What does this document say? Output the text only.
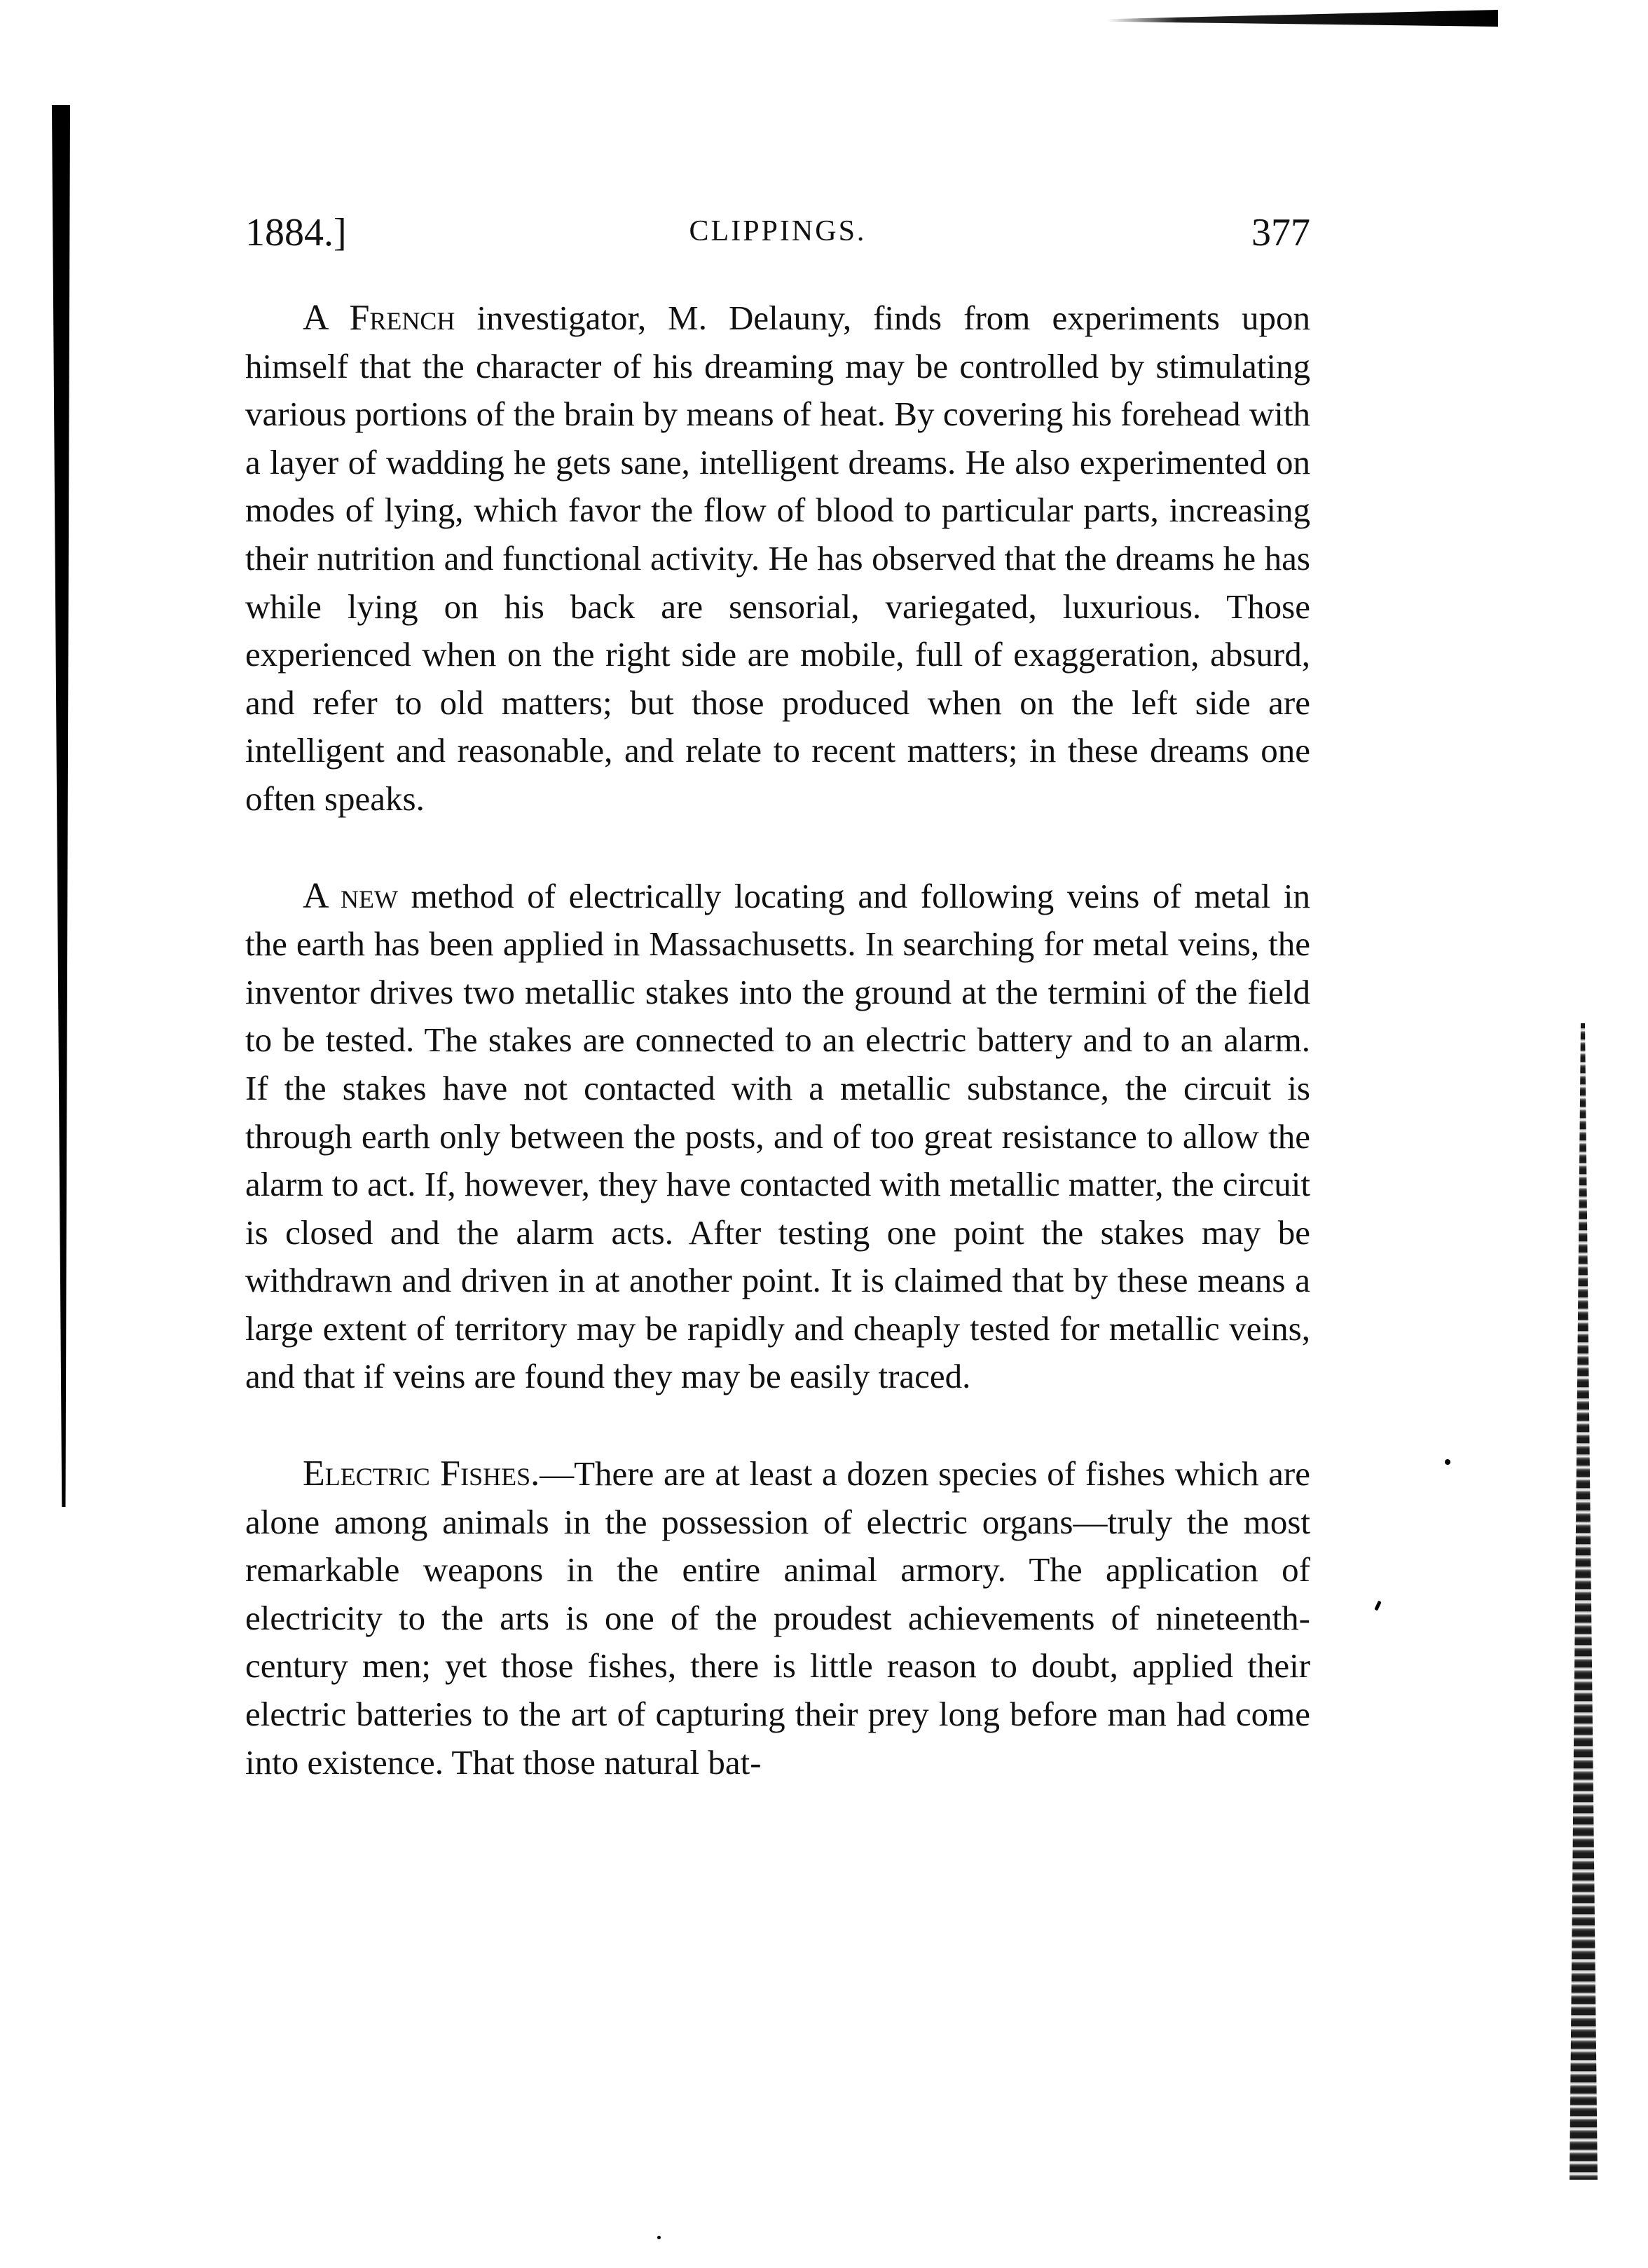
1884.]	CLIPPINGS.	377

A French investigator, M. Delauny, finds from experiments upon himself that the character of his dreaming may be controlled by stimulating various portions of the brain by means of heat. By covering his forehead with a layer of wadding he gets sane, intelligent dreams. He also experimented on modes of lying, which favor the flow of blood to particular parts, increasing their nutrition and functional activity. He has observed that the dreams he has while lying on his back are sensorial, variegated, luxurious. Those experienced when on the right side are mobile, full of exaggeration, absurd, and refer to old matters; but those produced when on the left side are intelligent and reasonable, and relate to recent matters; in these dreams one often speaks.

A new method of electrically locating and following veins of metal in the earth has been applied in Massachusetts. In searching for metal veins, the inventor drives two metallic stakes into the ground at the termini of the field to be tested. The stakes are connected to an electric battery and to an alarm. If the stakes have not contacted with a metallic substance, the circuit is through earth only between the posts, and of too great resistance to allow the alarm to act. If, however, they have contacted with metallic matter, the circuit is closed and the alarm acts. After testing one point the stakes may be withdrawn and driven in at another point. It is claimed that by these means a large extent of territory may be rapidly and cheaply tested for metallic veins, and that if veins are found they may be easily traced.

Electric Fishes.—There are at least a dozen species of fishes which are alone among animals in the possession of electric organs—truly the most remarkable weapons in the entire animal armory. The application of electricity to the arts is one of the proudest achievements of nineteenth-century men; yet those fishes, there is little reason to doubt, applied their electric batteries to the art of capturing their prey long before man had come into existence. That those natural bat-
